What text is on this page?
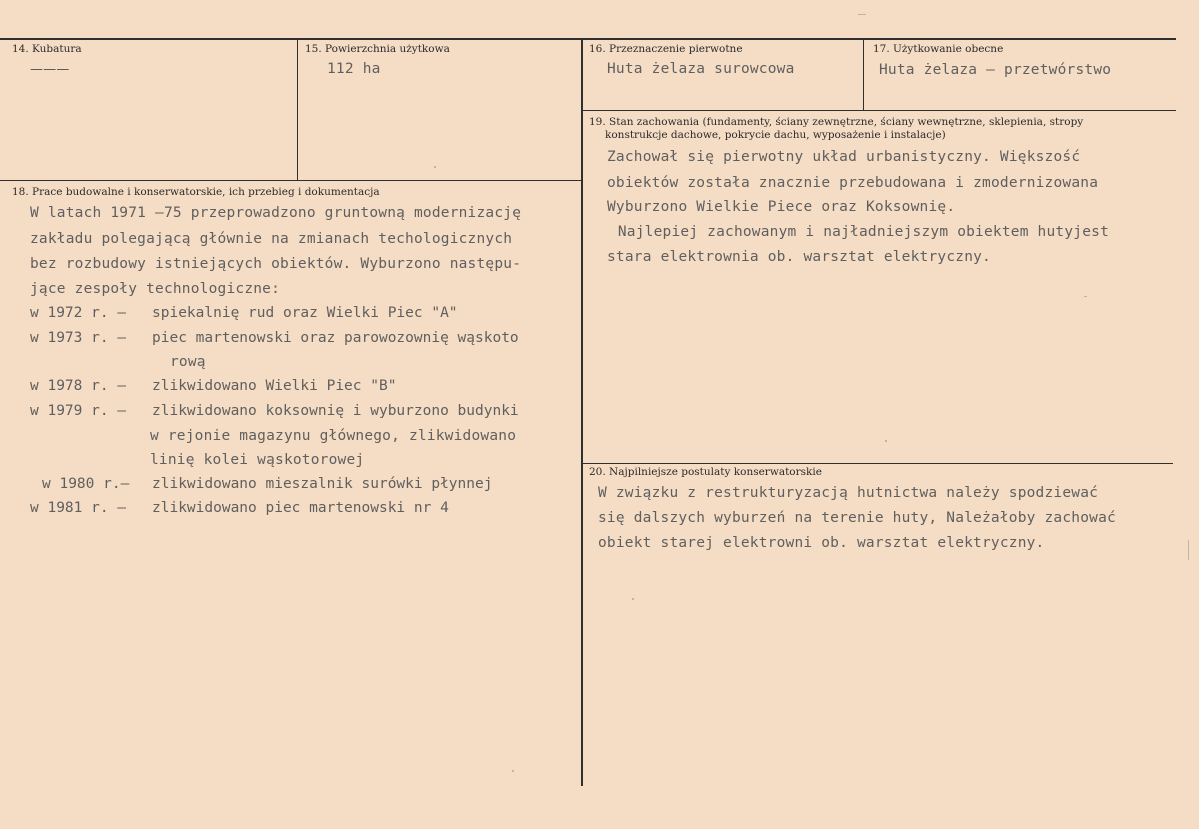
14. Kubatura
———
15. Powierzchnia użytkowa
112 ha
16. Przeznaczenie pierwotne
Huta żelaza surowcowa
17. Użytkowanie obecne
Huta żelaza – przetwórstwo
18. Prace budowalne i konserwatorskie, ich przebieg i dokumentacja
W latach 1971 –75 przeprowadzono gruntowną modernizację
zakładu polegającą głównie na zmianach techologicznych
bez rozbudowy istniejących obiektów. Wyburzono następu-
jące zespoły technologiczne:
w 1972 r. – spiekalnię rud oraz Wielki Piec "A"
w 1973 r. – piec martenowski oraz parowozownię wąskoto
rową
w 1978 r. – zlikwidowano Wielki Piec "B"
w 1979 r. – zlikwidowano koksownię i wyburzono budynki
w rejonie magazynu głównego, zlikwidowano
linię kolei wąskotorowej
w 1980 r.– zlikwidowano mieszalnik surówki płynnej
w 1981 r. – zlikwidowano piec martenowski nr 4
19. Stan zachowania (fundamenty, ściany zewnętrzne, ściany wewnętrzne, sklepienia, stropy
konstrukcje dachowe, pokrycie dachu, wyposażenie i instalacje)
Zachował się pierwotny układ urbanistyczny. Większość
obiektów została znacznie przebudowana i zmodernizowana
Wyburzono Wielkie Piece oraz Koksownię.
Najlepiej zachowanym i najładniejszym obiektem hutyjest
stara elektrownia ob. warsztat elektryczny.
20. Najpilniejsze postulaty konserwatorskie
W związku z restrukturyzacją hutnictwa należy spodziewać
się dalszych wyburzeń na terenie huty, Należałoby zachować
obiekt starej elektrowni ob. warsztat elektryczny.
